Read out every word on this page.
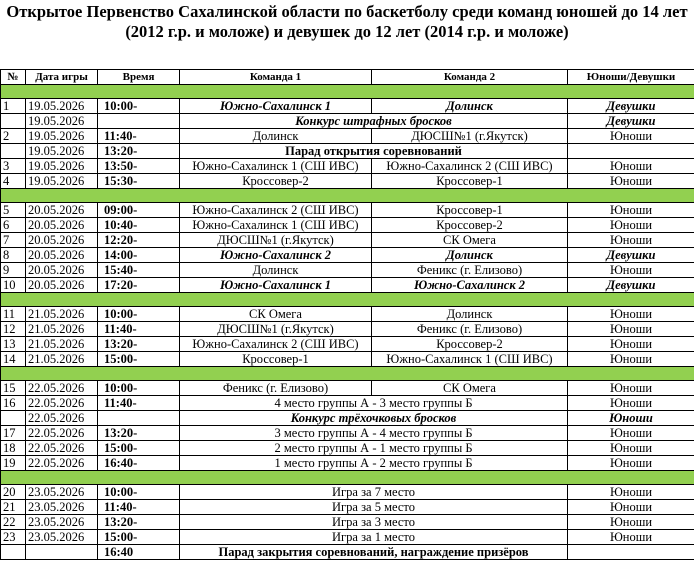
Открытое Первенство Сахалинской области по баскетболу среди команд юношей до 14 лет (2012 г.р. и моложе) и девушек до 12 лет (2014 г.р. и моложе)
№	Дата игры	Время	Команда 1	Команда 2	Юноши/Девушки

1	19.05.2026	10:00-	Южно-Сахалинск 1	Долинск	Девушки
	19.05.2026		Конкурс штрафных бросков		Девушки
2	19.05.2026	11:40-	Долинск	ДЮСШ№1 (г.Якутск)	Юноши
	19.05.2026	13:20-	Парад открытия соревнований		
3	19.05.2026	13:50-	Южно-Сахалинск 1 (СШ ИВС)	Южно-Сахалинск 2 (СШ ИВС)	Юноши
4	19.05.2026	15:30-	Кроссовер-2	Кроссовер-1	Юноши

5	20.05.2026	09:00-	Южно-Сахалинск 2 (СШ ИВС)	Кроссовер-1	Юноши
6	20.05.2026	10:40-	Южно-Сахалинск 1 (СШ ИВС)	Кроссовер-2	Юноши
7	20.05.2026	12:20-	ДЮСШ№1 (г.Якутск)	СК Омега	Юноши
8	20.05.2026	14:00-	Южно-Сахалинск 2	Долинск	Девушки
9	20.05.2026	15:40-	Долинск	Феникс (г. Елизово)	Юноши
10	20.05.2026	17:20-	Южно-Сахалинск 1	Южно-Сахалинск 2	Девушки

11	21.05.2026	10:00-	СК Омега	Долинск	Юноши
12	21.05.2026	11:40-	ДЮСШ№1 (г.Якутск)	Феникс (г. Елизово)	Юноши
13	21.05.2026	13:20-	Южно-Сахалинск 2 (СШ ИВС)	Кроссовер-2	Юноши
14	21.05.2026	15:00-	Кроссовер-1	Южно-Сахалинск 1 (СШ ИВС)	Юноши

15	22.05.2026	10:00-	Феникс (г. Елизово)	СК Омега	Юноши
16	22.05.2026	11:40-	4 место группы А - 3 место группы Б		Юноши
	22.05.2026		Конкурс трёхочковых бросков		Юноши
17	22.05.2026	13:20-	3 место группы А - 4 место группы Б		Юноши
18	22.05.2026	15:00-	2 место группы А - 1 место группы Б		Юноши
19	22.05.2026	16:40-	1 место группы А - 2 место группы Б		Юноши

20	23.05.2026	10:00-	Игра за 7 место		Юноши
21	23.05.2026	11:40-	Игра за 5 место		Юноши
22	23.05.2026	13:20-	Игра за 3 место		Юноши
23	23.05.2026	15:00-	Игра за 1 место		Юноши
		16:40	Парад закрытия соревнований, награждение призёров		
